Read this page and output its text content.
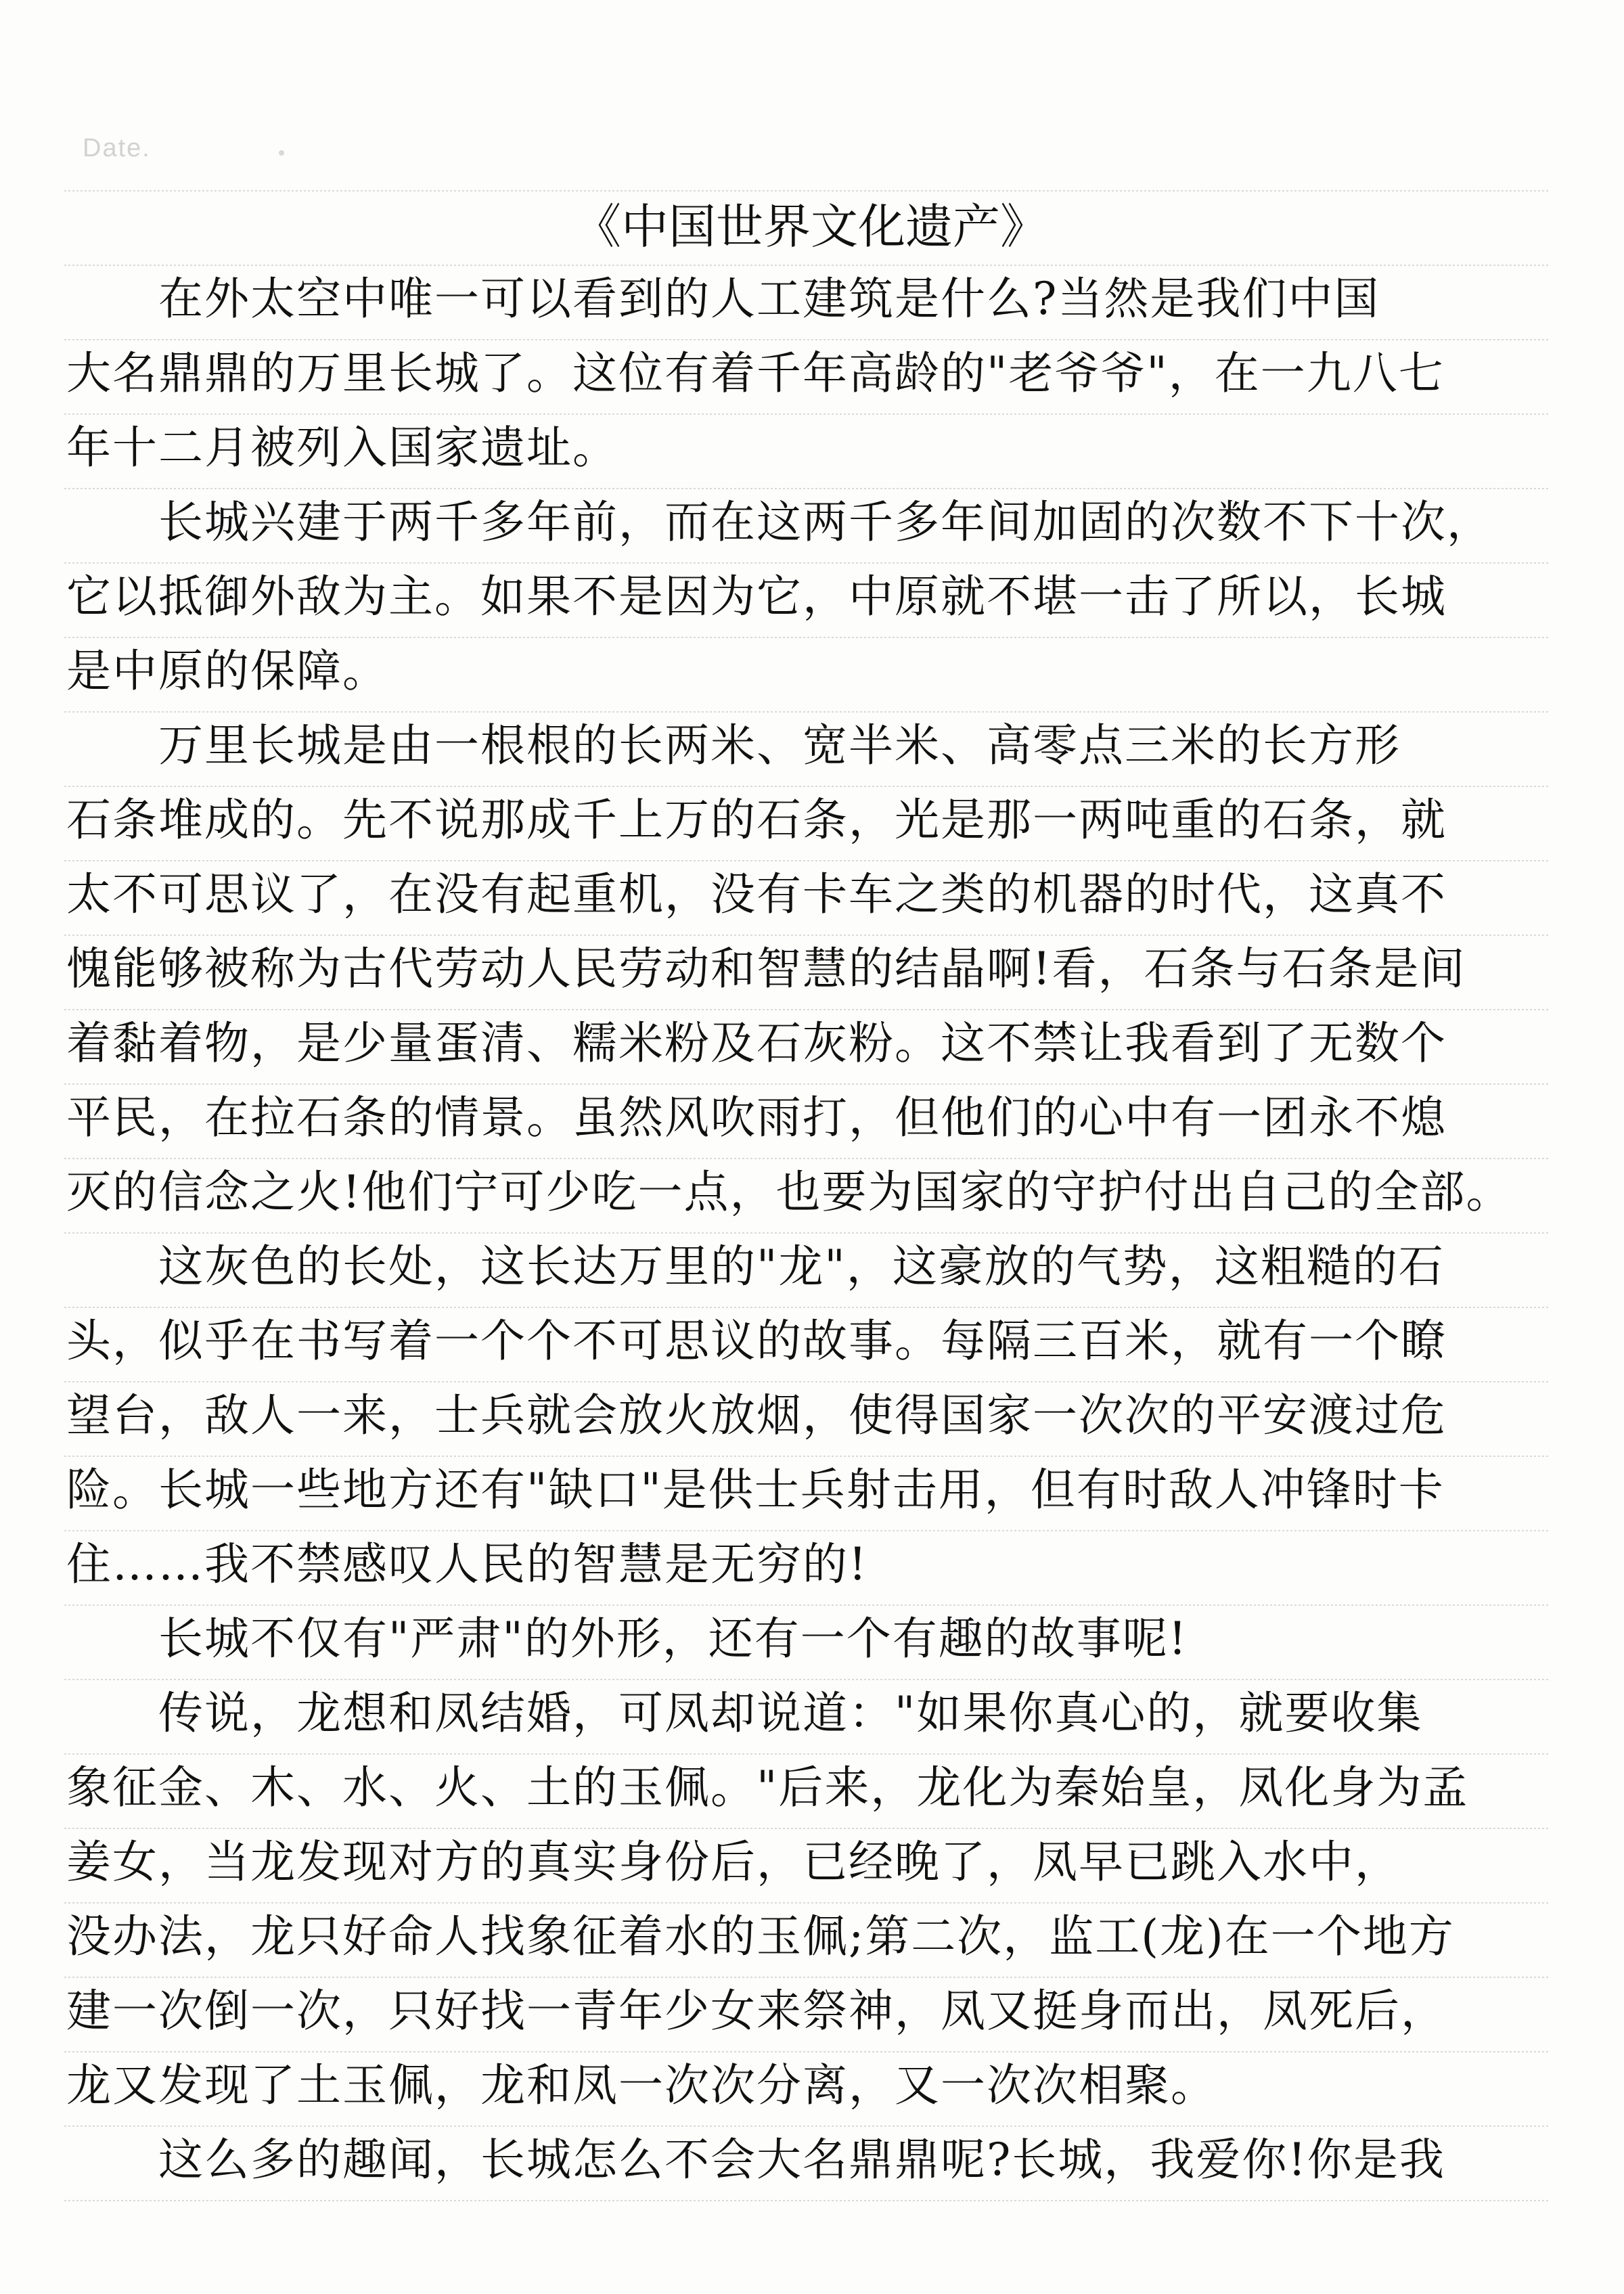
Date.
《中国世界文化遗产》
　　在外太空中唯一可以看到的人工建筑是什么?当然是我们中国
大名鼎鼎的万里长城了。这位有着千年高龄的"老爷爷"，在一九八七
年十二月被列入国家遗址。
　　长城兴建于两千多年前，而在这两千多年间加固的次数不下十次，
它以抵御外敌为主。如果不是因为它，中原就不堪一击了所以，长城
是中原的保障。
　　万里长城是由一根根的长两米、宽半米、高零点三米的长方形
石条堆成的。先不说那成千上万的石条，光是那一两吨重的石条，就
太不可思议了，在没有起重机，没有卡车之类的机器的时代，这真不
愧能够被称为古代劳动人民劳动和智慧的结晶啊!看，石条与石条是间
着黏着物，是少量蛋清、糯米粉及石灰粉。这不禁让我看到了无数个
平民，在拉石条的情景。虽然风吹雨打，但他们的心中有一团永不熄
灭的信念之火!他们宁可少吃一点，也要为国家的守护付出自己的全部。
　　这灰色的长处，这长达万里的"龙"，这豪放的气势，这粗糙的石
头，似乎在书写着一个个不可思议的故事。每隔三百米，就有一个瞭
望台，敌人一来，士兵就会放火放烟，使得国家一次次的平安渡过危
险。长城一些地方还有"缺口"是供士兵射击用，但有时敌人冲锋时卡
住……我不禁感叹人民的智慧是无穷的!
　　长城不仅有"严肃"的外形，还有一个有趣的故事呢!
　　传说，龙想和凤结婚，可凤却说道："如果你真心的，就要收集
象征金、木、水、火、土的玉佩。"后来，龙化为秦始皇，凤化身为孟
姜女，当龙发现对方的真实身份后，已经晚了，凤早已跳入水中，
没办法，龙只好命人找象征着水的玉佩;第二次，监工(龙)在一个地方
建一次倒一次，只好找一青年少女来祭神，凤又挺身而出，凤死后，
龙又发现了土玉佩，龙和凤一次次分离，又一次次相聚。
　　这么多的趣闻，长城怎么不会大名鼎鼎呢?长城，我爱你!你是我
